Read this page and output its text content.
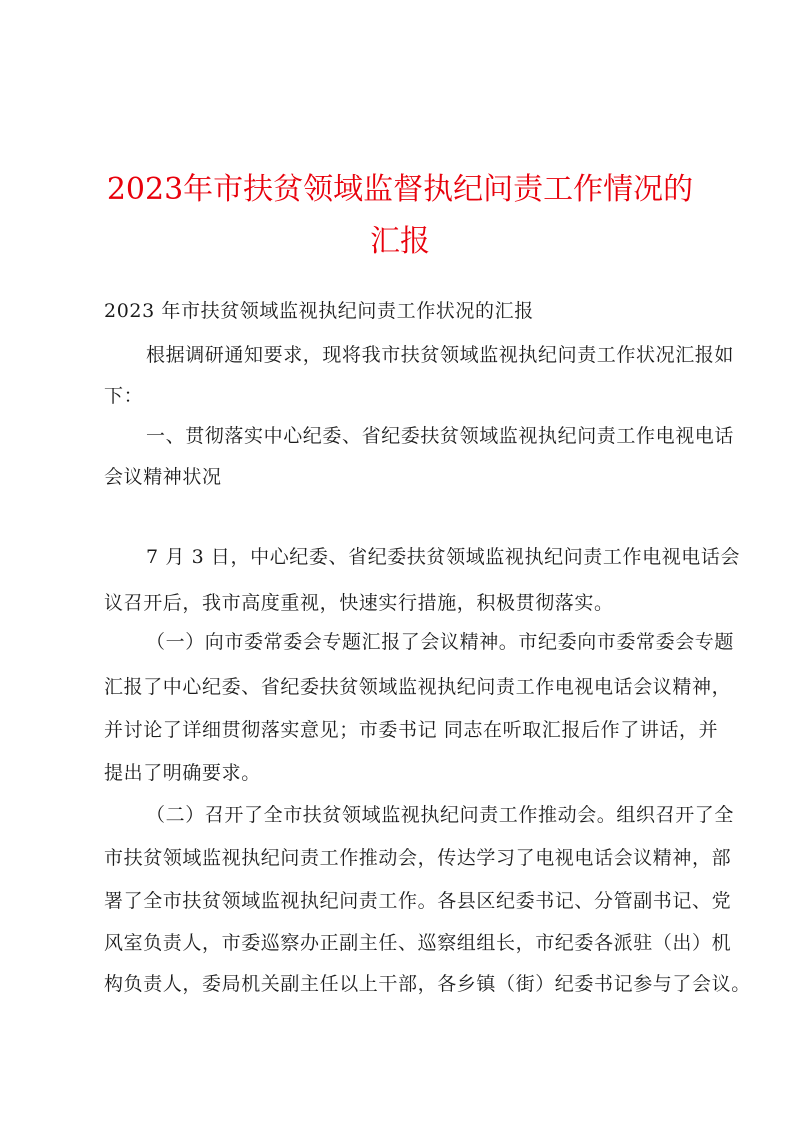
2023年市扶贫领域监督执纪问责工作情况的
汇报

2023 年市扶贫领域监视执纪问责工作状况的汇报

根据调研通知要求，现将我市扶贫领域监视执纪问责工作状况汇报如

下：

一、贯彻落实中心纪委、省纪委扶贫领域监视执纪问责工作电视电话

会议精神状况

7 月 3 日，中心纪委、省纪委扶贫领域监视执纪问责工作电视电话会

议召开后，我市高度重视，快速实行措施，积极贯彻落实。

（一）向市委常委会专题汇报了会议精神。市纪委向市委常委会专题

汇报了中心纪委、省纪委扶贫领域监视执纪问责工作电视电话会议精神，

并讨论了详细贯彻落实意见；市委书记 同志在听取汇报后作了讲话，并

提出了明确要求。

（二）召开了全市扶贫领域监视执纪问责工作推动会。组织召开了全

市扶贫领域监视执纪问责工作推动会，传达学习了电视电话会议精神，部

署了全市扶贫领域监视执纪问责工作。各县区纪委书记、分管副书记、党

风室负责人，市委巡察办正副主任、巡察组组长，市纪委各派驻（出）机

构负责人，委局机关副主任以上干部，各乡镇（街）纪委书记参与了会议。
